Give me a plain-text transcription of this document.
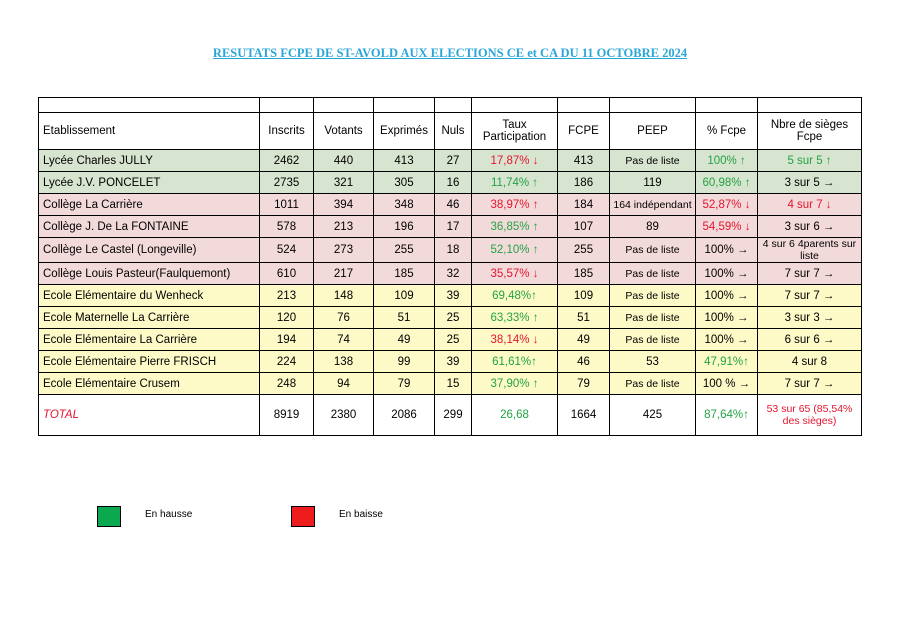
RESUTATS FCPE DE ST-AVOLD AUX ELECTIONS CE et CA DU 11 OCTOBRE 2024

Etablissement	Inscrits	Votants	Exprimés	Nuls	Taux Participation	FCPE	PEEP	% Fcpe	Nbre de sièges Fcpe
Lycée Charles JULLY	2462	440	413	27	17,87% ↓	413	Pas de liste	100% ↑	5 sur 5 ↑
Lycée J.V. PONCELET	2735	321	305	16	11,74% ↑	186	119	60,98% ↑	3 sur 5 →
Collège La Carrière	1011	394	348	46	38,97% ↑	184	164 indépendant	52,87% ↓	4 sur 7 ↓
Collège J. De La FONTAINE	578	213	196	17	36,85% ↑	107	89	54,59% ↓	3 sur 6 →
Collège Le Castel (Longeville)	524	273	255	18	52,10% ↑	255	Pas de liste	100% →	4 sur 6 4parents sur liste
Collège Louis Pasteur(Faulquemont)	610	217	185	32	35,57% ↓	185	Pas de liste	100% →	7 sur 7 →
Ecole Elémentaire du Wenheck	213	148	109	39	69,48%↑	109	Pas de liste	100% →	7 sur 7 →
Ecole Maternelle La Carrière	120	76	51	25	63,33% ↑	51	Pas de liste	100% →	3 sur 3 →
Ecole Elémentaire La Carrière	194	74	49	25	38,14% ↓	49	Pas de liste	100% →	6 sur 6 →
Ecole Elémentaire Pierre FRISCH	224	138	99	39	61,61%↑	46	53	47,91%↑	4 sur 8
Ecole Elémentaire Crusem	248	94	79	15	37,90% ↑	79	Pas de liste	100 % →	7 sur 7 →
TOTAL	8919	2380	2086	299	26,68	1664	425	87,64%↑	53 sur 65 (85,54% des sièges)
En hausse	En baisse
